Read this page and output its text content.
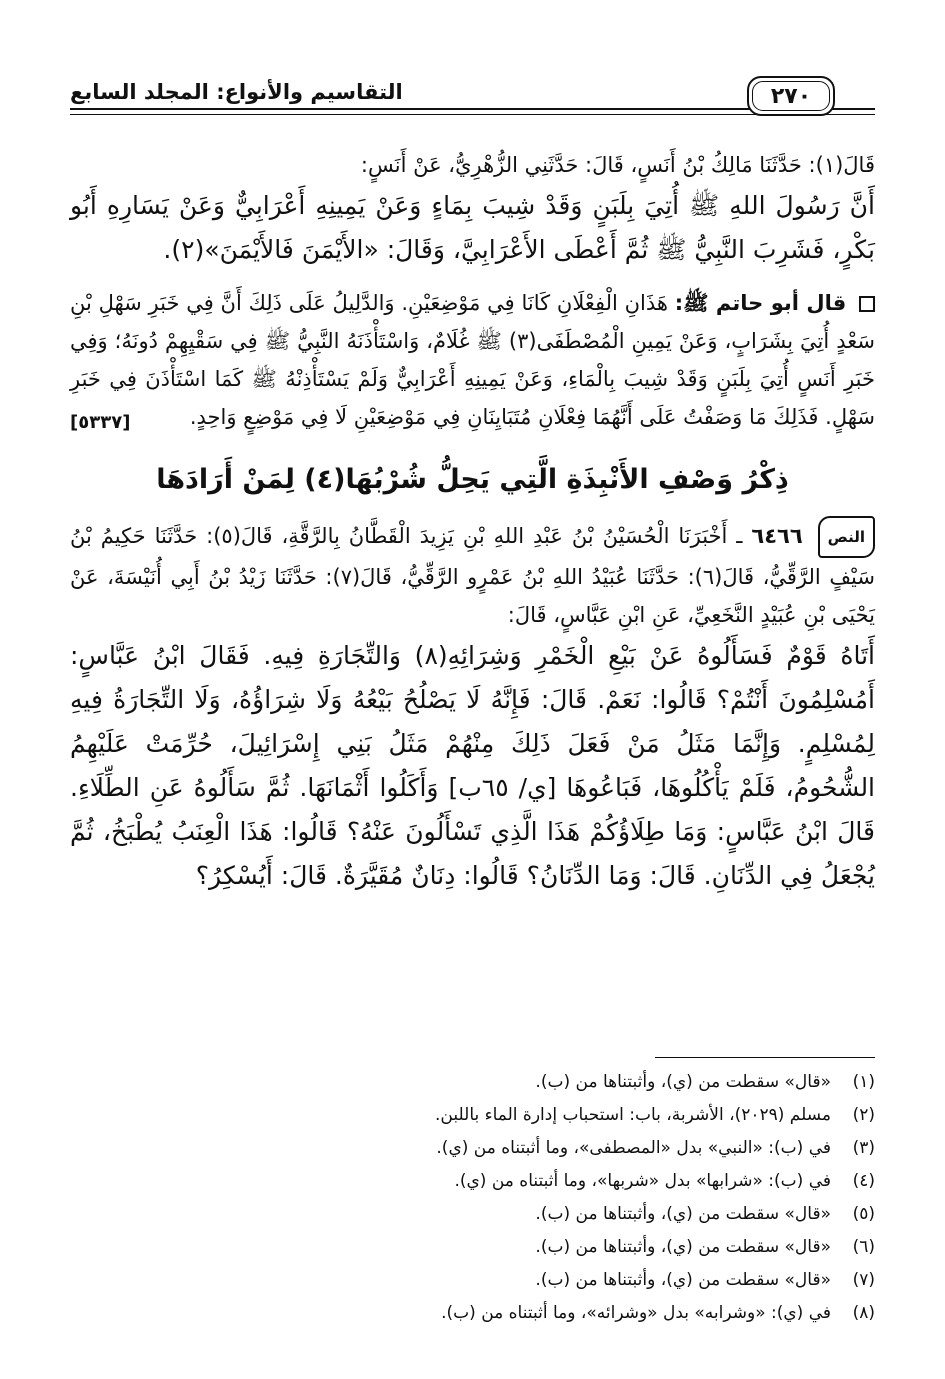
٢٧٠
التقاسيم والأنواع: المجلد السابع

قَالَ(١): حَدَّثَنَا مَالِكُ بْنُ أَنَسٍ، قَالَ: حَدَّثَنِي الزُّهْرِيُّ، عَنْ أَنَسٍ:

أَنَّ رَسُولَ اللهِ ﷺ أُتِيَ بِلَبَنٍ وَقَدْ شِيبَ بِمَاءٍ وَعَنْ يَمِينِهِ أَعْرَابِيٌّ وَعَنْ يَسَارِهِ أَبُو بَكْرٍ، فَشَرِبَ النَّبِيُّ ﷺ ثُمَّ أَعْطَى الأَعْرَابِيَّ، وَقَالَ: «الأَيْمَنَ فَالأَيْمَنَ»(٢).

قال أبو حاتم ﷺ: هَذَانِ الْفِعْلَانِ كَانَا فِي مَوْضِعَيْنِ. وَالدَّلِيلُ عَلَى ذَلِكَ أَنَّ فِي خَبَرِ سَهْلِ بْنِ سَعْدٍ أُتِيَ بِشَرَابٍ، وَعَنْ يَمِينِ الْمُصْطَفَى(٣) ﷺ غُلَامٌ، وَاسْتَأْذَنَهُ النَّبِيُّ ﷺ فِي سَقْيِهِمْ دُونَهُ؛ وَفِي خَبَرِ أَنَسٍ أُتِيَ بِلَبَنٍ وَقَدْ شِيبَ بِالْمَاءِ، وَعَنْ يَمِينِهِ أَعْرَابِيٌّ وَلَمْ يَسْتَأْذِنْهُ ﷺ كَمَا اسْتَأْذَنَ فِي خَبَرِ سَهْلٍ. فَذَلِكَ مَا وَصَفْتُ عَلَى أَنَّهُمَا فِعْلَانِ مُتَبَايِنَانِ فِي مَوْضِعَيْنِ لَا فِي مَوْضِعٍ وَاحِدٍ.
[٥٣٣٧]

ذِكْرُ وَصْفِ الأَنْبِذَةِ الَّتِي يَحِلُّ شُرْبُهَا(٤) لِمَنْ أَرَادَهَا

النص ٦٤٦٦ ـ أَخْبَرَنَا الْحُسَيْنُ بْنُ عَبْدِ اللهِ بْنِ يَزِيدَ الْقَطَّانُ بِالرَّقَّةِ، قَالَ(٥): حَدَّثَنَا حَكِيمُ بْنُ سَيْفٍ الرَّقِّيُّ، قَالَ(٦): حَدَّثَنَا عُبَيْدُ اللهِ بْنُ عَمْرٍو الرَّقِّيُّ، قَالَ(٧): حَدَّثَنَا زَيْدُ بْنُ أَبِي أُنَيْسَةَ، عَنْ يَحْيَى بْنِ عُبَيْدٍ النَّخَعِيِّ، عَنِ ابْنِ عَبَّاسٍ، قَالَ:

أَتَاهُ قَوْمٌ فَسَأَلُوهُ عَنْ بَيْعِ الْخَمْرِ وَشِرَائِهِ(٨) وَالتِّجَارَةِ فِيهِ. فَقَالَ ابْنُ عَبَّاسٍ: أَمُسْلِمُونَ أَنْتُمْ؟ قَالُوا: نَعَمْ. قَالَ: فَإِنَّهُ لَا يَصْلُحُ بَيْعُهُ وَلَا شِرَاؤُهُ، وَلَا التِّجَارَةُ فِيهِ لِمُسْلِمٍ. وَإِنَّمَا مَثَلُ مَنْ فَعَلَ ذَلِكَ مِنْهُمْ مَثَلُ بَنِي إِسْرَائِيلَ، حُرِّمَتْ عَلَيْهِمُ الشُّحُومُ، فَلَمْ يَأْكُلُوهَا، فَبَاعُوهَا [ي/ ٦٥ب] وَأَكَلُوا أَثْمَانَهَا. ثُمَّ سَأَلُوهُ عَنِ الطِّلَاءِ. قَالَ ابْنُ عَبَّاسٍ: وَمَا طِلَاؤُكُمْ هَذَا الَّذِي تَسْأَلُونَ عَنْهُ؟ قَالُوا: هَذَا الْعِنَبُ يُطْبَخُ، ثُمَّ يُجْعَلُ فِي الدِّنَانِ. قَالَ: وَمَا الدِّنَانُ؟ قَالُوا: دِنَانٌ مُقَيَّرَةٌ. قَالَ: أَيُسْكِرُ؟

(١)«قال» سقطت من (ي)، وأثبتناها من (ب).
(٢)مسلم (٢٠٢٩)، الأشربة، باب: استحباب إدارة الماء باللبن.
(٣)في (ب): «النبي» بدل «المصطفى»، وما أثبتناه من (ي).
(٤)في (ب): «شرابها» بدل «شربها»، وما أثبتناه من (ي).
(٥)«قال» سقطت من (ي)، وأثبتناها من (ب).
(٦)«قال» سقطت من (ي)، وأثبتناها من (ب).
(٧)«قال» سقطت من (ي)، وأثبتناها من (ب).
(٨)في (ي): «وشرابه» بدل «وشرائه»، وما أثبتناه من (ب).
